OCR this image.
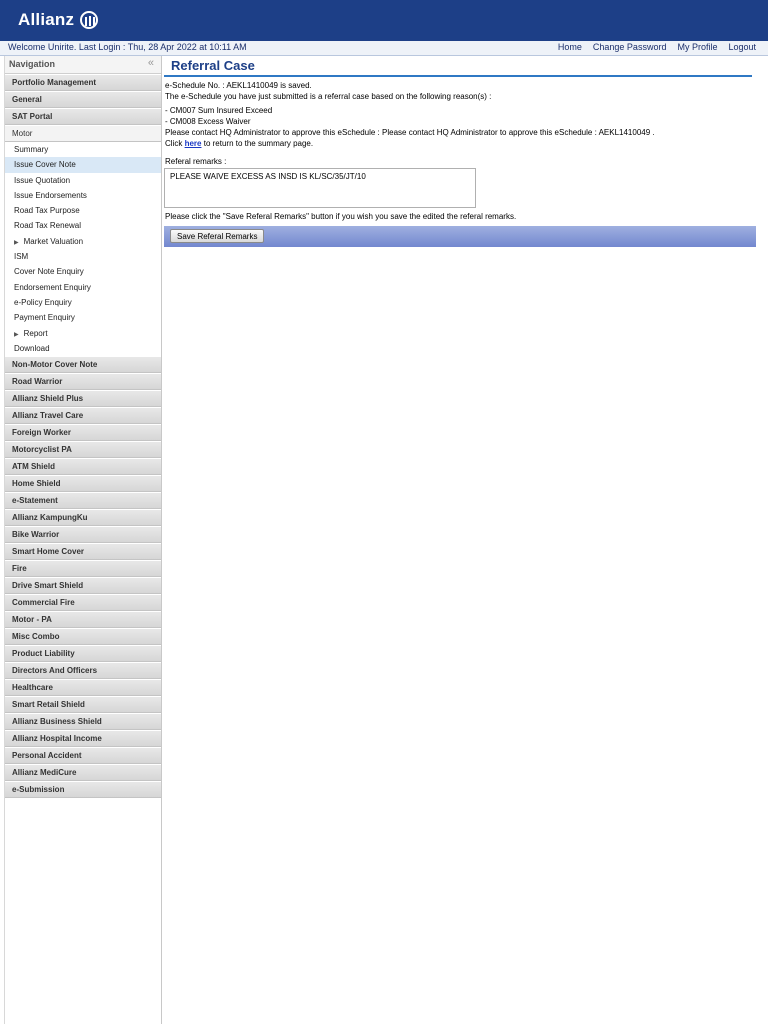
Allianz
Welcome Unirite. Last Login : Thu, 28 Apr 2022 at 10:11 AM	Home Change Password My Profile Logout
Navigation	«
Portfolio Management
General
SAT Portal
Motor
Summary
Issue Cover Note
Issue Quotation
Issue Endorsements
Road Tax Purpose
Road Tax Renewal
▶ Market Valuation
ISM
Cover Note Enquiry
Endorsement Enquiry
e-Policy Enquiry
Payment Enquiry
▶ Report
Download
Non-Motor Cover Note
Road Warrior
Allianz Shield Plus
Allianz Travel Care
Foreign Worker
Motorcyclist PA
ATM Shield
Home Shield
e-Statement
Allianz KampungKu
Bike Warrior
Smart Home Cover
Fire
Drive Smart Shield
Commercial Fire
Motor - PA
Misc Combo
Product Liability
Directors And Officers
Healthcare
Smart Retail Shield
Allianz Business Shield
Allianz Hospital Income
Personal Accident
Allianz MediCure
e-Submission
Referral Case
e-Schedule No. : AEKL1410049 is saved.
The e-Schedule you have just submitted is a referral case based on the following reason(s) :
- CM007 Sum Insured Exceed
- CM008 Excess Waiver
Please contact HQ Administrator to approve this eSchedule : Please contact HQ Administrator to approve this eSchedule : AEKL1410049 .
Click here to return to the summary page.
Referal remarks :
PLEASE WAIVE EXCESS AS INSD IS KL/SC/35/JT/10
Please click the "Save Referal Remarks" button if you wish you save the edited the referal remarks.
Save Referal Remarks
